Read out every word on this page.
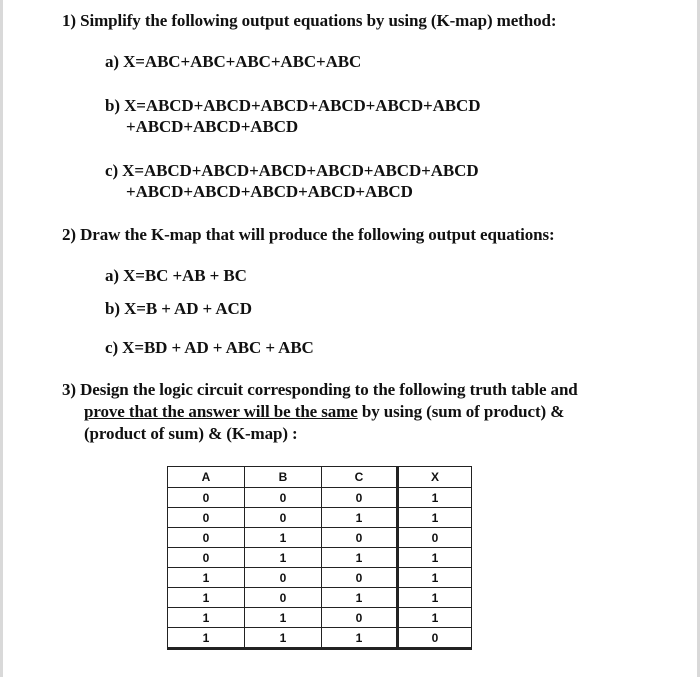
1) Simplify the following output equations by using (K-map) method:
a) X=ABC+ABC+ABC+ABC+ABC
b) X=ABCD+ABCD+ABCD+ABCD+ABCD+ABCD
+ABCD+ABCD+ABCD
c) X=ABCD+ABCD+ABCD+ABCD+ABCD+ABCD
+ABCD+ABCD+ABCD+ABCD+ABCD
2) Draw the K-map that will produce the following output equations:
a) X=BC +AB + BC
b) X=B + AD + ACD
c) X=BD + AD + ABC + ABC
3) Design the logic circuit corresponding to the following truth table and
prove that the answer will be the same by using (sum of product) &
(product of sum) & (K-map) :
A	B	C	X
0	0	0	1
0	0	1	1
0	1	0	0
0	1	1	1
1	0	0	1
1	0	1	1
1	1	0	1
1	1	1	0
